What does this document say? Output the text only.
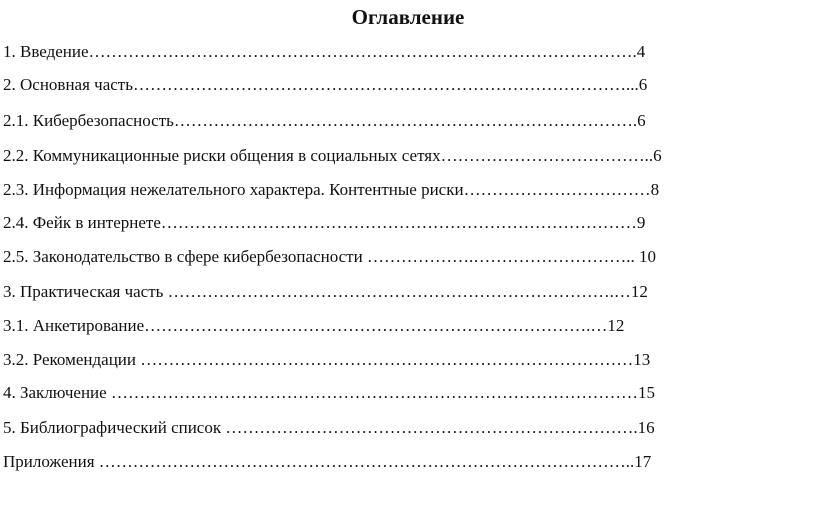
Оглавление
1. Введение…………………………………………………………………………………….4
2. Основная часть……………………………………………………………………………...6
2.1. Кибербезопасность……………………………………………………………………….6
2.2. Коммуникационные риски общения в социальных сетях………………………………..6
2.3. Информация нежелательного характера. Контентные риски……………………………8
2.4. Фейк в интернете…………………………………………………………………………9
2.5. Законодательство в сфере кибербезопасности ……………….……………………….. 10
3. Практическая часть …………………………………………………………………….…12
3.1. Анкетирование…………………………………………………………………….…12
3.2. Рекомендации ……………………………………………………………………………13
4. Заключение …………………………………………………………………………………15
5. Библиографический список ……………………………………………………………….16
Приложения …………………………………………………………………………………..17
